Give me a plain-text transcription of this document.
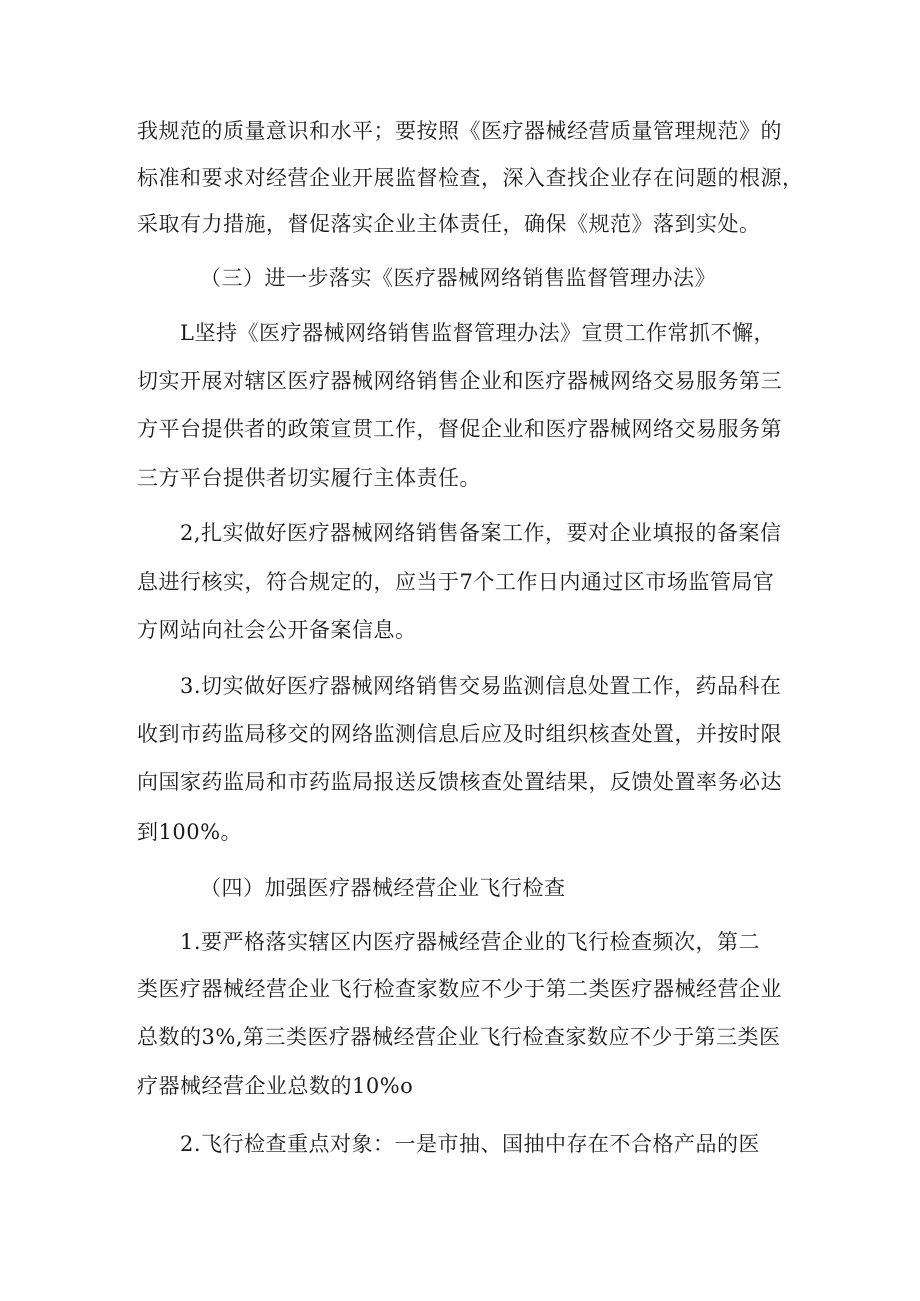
我规范的质量意识和水平；要按照《医疗器械经营质量管理规范》的
标准和要求对经营企业开展监督检查，深入查找企业存在问题的根源，
采取有力措施，督促落实企业主体责任，确保《规范》落到实处。
（三）进一步落实《医疗器械网络销售监督管理办法》
L坚持《医疗器械网络销售监督管理办法》宣贯工作常抓不懈，
切实开展对辖区医疗器械网络销售企业和医疗器械网络交易服务第三
方平台提供者的政策宣贯工作，督促企业和医疗器械网络交易服务第
三方平台提供者切实履行主体责任。
2,扎实做好医疗器械网络销售备案工作，要对企业填报的备案信
息进行核实，符合规定的，应当于7个工作日内通过区市场监管局官
方网站向社会公开备案信息。
3.切实做好医疗器械网络销售交易监测信息处置工作，药品科在
收到市药监局移交的网络监测信息后应及时组织核查处置，并按时限
向国家药监局和市药监局报送反馈核查处置结果，反馈处置率务必达
到100%。
（四）加强医疗器械经营企业飞行检查
1.要严格落实辖区内医疗器械经营企业的飞行检查频次，第二
类医疗器械经营企业飞行检查家数应不少于第二类医疗器械经营企业
总数的3%,第三类医疗器械经营企业飞行检查家数应不少于第三类医
疗器械经营企业总数的10%o
2.飞行检查重点对象：一是市抽、国抽中存在不合格产品的医
